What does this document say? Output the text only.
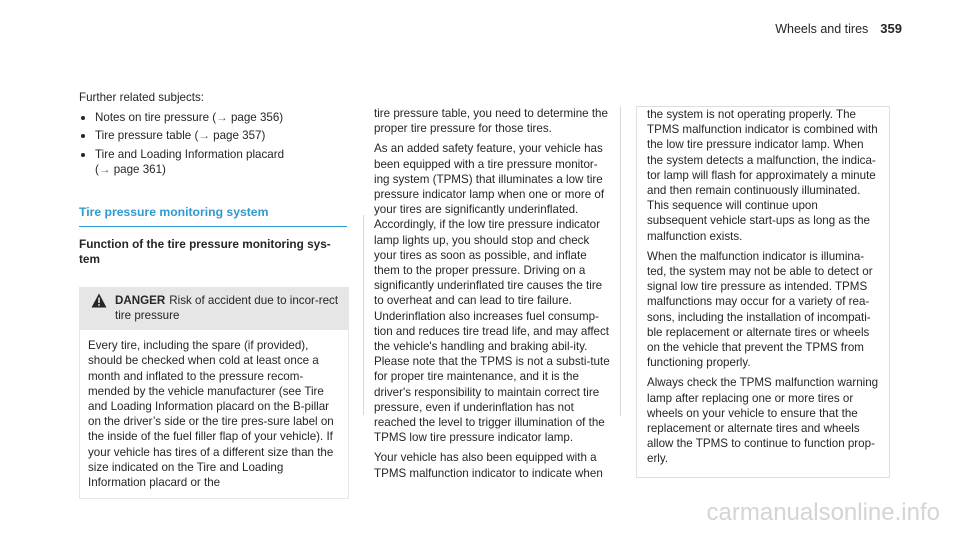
Wheels and tires 359

Further related subjects:

Notes on tire pressure (→ page 356)
Tire pressure table (→ page 357)
Tire and Loading Information placard
(→ page 361)
Tire pressure monitoring system
Function of the tire pressure monitoring sys-tem
DANGER Risk of accident due to incor-rect tire pressure
Every tire, including the spare (if provided), should be checked when cold at least once a month and inflated to the pressure recom-mended by the vehicle manufacturer (see Tire and Loading Information placard on the B-pillar on the driver’s side or the tire pres-sure label on the inside of the fuel filler flap of your vehicle). If your vehicle has tires of a different size than the size indicated on the Tire and Loading Information placard or the

tire pressure table, you need to determine the proper tire pressure for those tires.

As an added safety feature, your vehicle has been equipped with a tire pressure monitor-ing system (TPMS) that illuminates a low tire pressure indicator lamp when one or more of your tires are significantly underinflated. Accordingly, if the low tire pressure indicator lamp lights up, you should stop and check your tires as soon as possible, and inflate them to the proper pressure. Driving on a significantly underinflated tire causes the tire to overheat and can lead to tire failure. Underinflation also increases fuel consump-tion and reduces tire tread life, and may affect the vehicle's handling and braking abil-ity. Please note that the TPMS is not a substi-tute for proper tire maintenance, and it is the driver's responsibility to maintain correct tire pressure, even if underinflation has not reached the level to trigger illumination of the TPMS low tire pressure indicator lamp.

Your vehicle has also been equipped with a TPMS malfunction indicator to indicate when

the system is not operating properly. The TPMS malfunction indicator is combined with the low tire pressure indicator lamp. When the system detects a malfunction, the indica-tor lamp will flash for approximately a minute and then remain continuously illuminated. This sequence will continue upon subsequent vehicle start-ups as long as the malfunction exists.

When the malfunction indicator is illumina-ted, the system may not be able to detect or signal low tire pressure as intended. TPMS malfunctions may occur for a variety of rea-sons, including the installation of incompati-ble replacement or alternate tires or wheels on the vehicle that prevent the TPMS from functioning properly.

Always check the TPMS malfunction warning lamp after replacing one or more tires or wheels on your vehicle to ensure that the replacement or alternate tires and wheels allow the TPMS to continue to function prop-erly.

carmanualsonline.info
